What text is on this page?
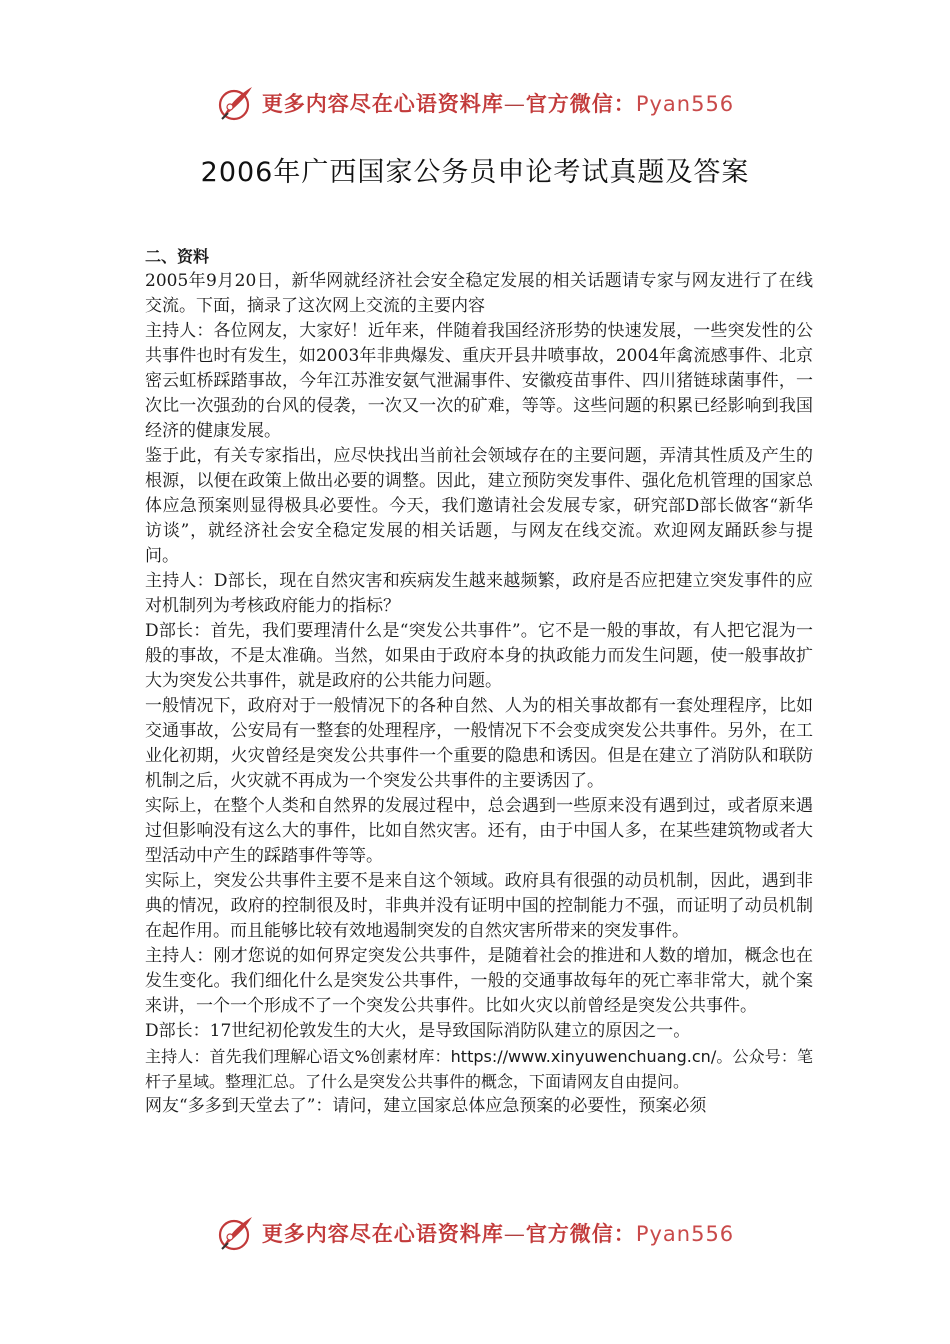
更多内容尽在心语资料库—官方微信：Pyan556
2006年广西国家公务员申论考试真题及答案

二、资料

2005年9月20日，新华网就经济社会安全稳定发展的相关话题请专家与网友进行了在线交流。下面，摘录了这次网上交流的主要内容

主持人：各位网友，大家好！近年来，伴随着我国经济形势的快速发展，一些突发性的公共事件也时有发生，如2003年非典爆发、重庆开县井喷事故，2004年禽流感事件、北京密云虹桥踩踏事故，今年江苏淮安氨气泄漏事件、安徽疫苗事件、四川猪链球菌事件，一次比一次强劲的台风的侵袭，一次又一次的矿难，等等。这些问题的积累已经影响到我国经济的健康发展。

鉴于此，有关专家指出，应尽快找出当前社会领域存在的主要问题，弄清其性质及产生的根源，以便在政策上做出必要的调整。因此，建立预防突发事件、强化危机管理的国家总体应急预案则显得极具必要性。今天，我们邀请社会发展专家，研究部D部长做客“新华访谈”，就经济社会安全稳定发展的相关话题，与网友在线交流。欢迎网友踊跃参与提问。

主持人：D部长，现在自然灾害和疾病发生越来越频繁，政府是否应把建立突发事件的应对机制列为考核政府能力的指标？

D部长：首先，我们要理清什么是“突发公共事件”。它不是一般的事故，有人把它混为一般的事故，不是太准确。当然，如果由于政府本身的执政能力而发生问题，使一般事故扩大为突发公共事件，就是政府的公共能力问题。

一般情况下，政府对于一般情况下的各种自然、人为的相关事故都有一套处理程序，比如交通事故，公安局有一整套的处理程序，一般情况下不会变成突发公共事件。另外，在工业化初期，火灾曾经是突发公共事件一个重要的隐患和诱因。但是在建立了消防队和联防机制之后，火灾就不再成为一个突发公共事件的主要诱因了。

实际上，在整个人类和自然界的发展过程中，总会遇到一些原来没有遇到过，或者原来遇过但影响没有这么大的事件，比如自然灾害。还有，由于中国人多，在某些建筑物或者大型活动中产生的踩踏事件等等。

实际上，突发公共事件主要不是来自这个领域。政府具有很强的动员机制，因此，遇到非典的情况，政府的控制很及时，非典并没有证明中国的控制能力不强，而证明了动员机制在起作用。而且能够比较有效地遏制突发的自然灾害所带来的突发事件。

主持人：刚才您说的如何界定突发公共事件，是随着社会的推进和人数的增加，概念也在发生变化。我们细化什么是突发公共事件，一般的交通事故每年的死亡率非常大，就个案来讲，一个一个形成不了一个突发公共事件。比如火灾以前曾经是突发公共事件。

D部长：17世纪初伦敦发生的大火，是导致国际消防队建立的原因之一。

主持人：首先我们理解心语文%创素材库：https://www.xinyuwenchuang.cn/。公众号：笔杆子星域。整理汇总。了什么是突发公共事件的概念，下面请网友自由提问。

网友“多多到天堂去了”：请问，建立国家总体应急预案的必要性，预案必须

更多内容尽在心语资料库—官方微信：Pyan556
